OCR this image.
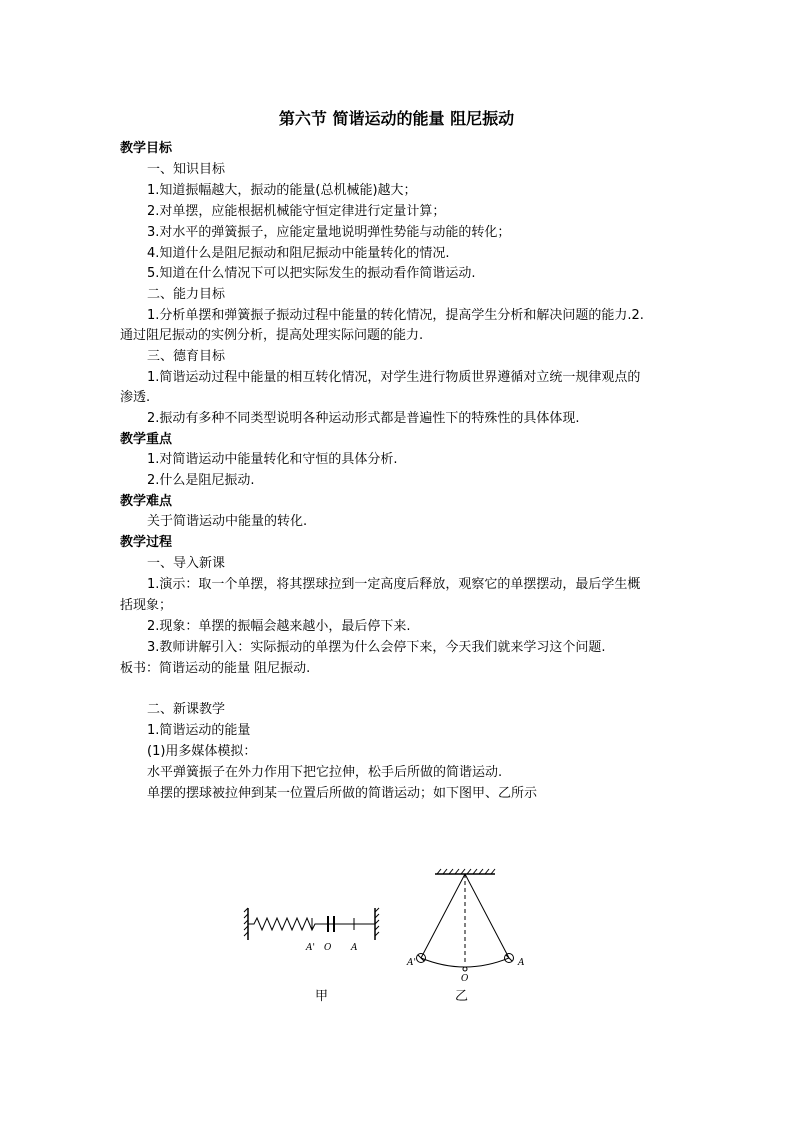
第六节 简谐运动的能量 阻尼振动
教学目标
一、知识目标
1.知道振幅越大，振动的能量(总机械能)越大；
2.对单摆，应能根据机械能守恒定律进行定量计算；
3.对水平的弹簧振子，应能定量地说明弹性势能与动能的转化；
4.知道什么是阻尼振动和阻尼振动中能量转化的情况.
5.知道在什么情况下可以把实际发生的振动看作简谐运动.
二、能力目标
1.分析单摆和弹簧振子振动过程中能量的转化情况，提高学生分析和解决问题的能力.2.
通过阻尼振动的实例分析，提高处理实际问题的能力.
三、德育目标
1.简谐运动过程中能量的相互转化情况，对学生进行物质世界遵循对立统一规律观点的
渗透.
2.振动有多种不同类型说明各种运动形式都是普遍性下的特殊性的具体体现.
教学重点
1.对简谐运动中能量转化和守恒的具体分析.
2.什么是阻尼振动.
教学难点
关于简谐运动中能量的转化.
教学过程
一、导入新课
1.演示：取一个单摆，将其摆球拉到一定高度后释放，观察它的单摆摆动，最后学生概
括现象；
2.现象：单摆的振幅会越来越小，最后停下来.
3.教师讲解引入：实际振动的单摆为什么会停下来，今天我们就来学习这个问题.
板书：简谐运动的能量 阻尼振动.
二、新课教学
1.简谐运动的能量
(1)用多媒体模拟：
水平弹簧振子在外力作用下把它拉伸，松手后所做的简谐运动.
单摆的摆球被拉伸到某一位置后所做的简谐运动；如下图甲、乙所示
A' O A
A'
O
A
甲	乙
